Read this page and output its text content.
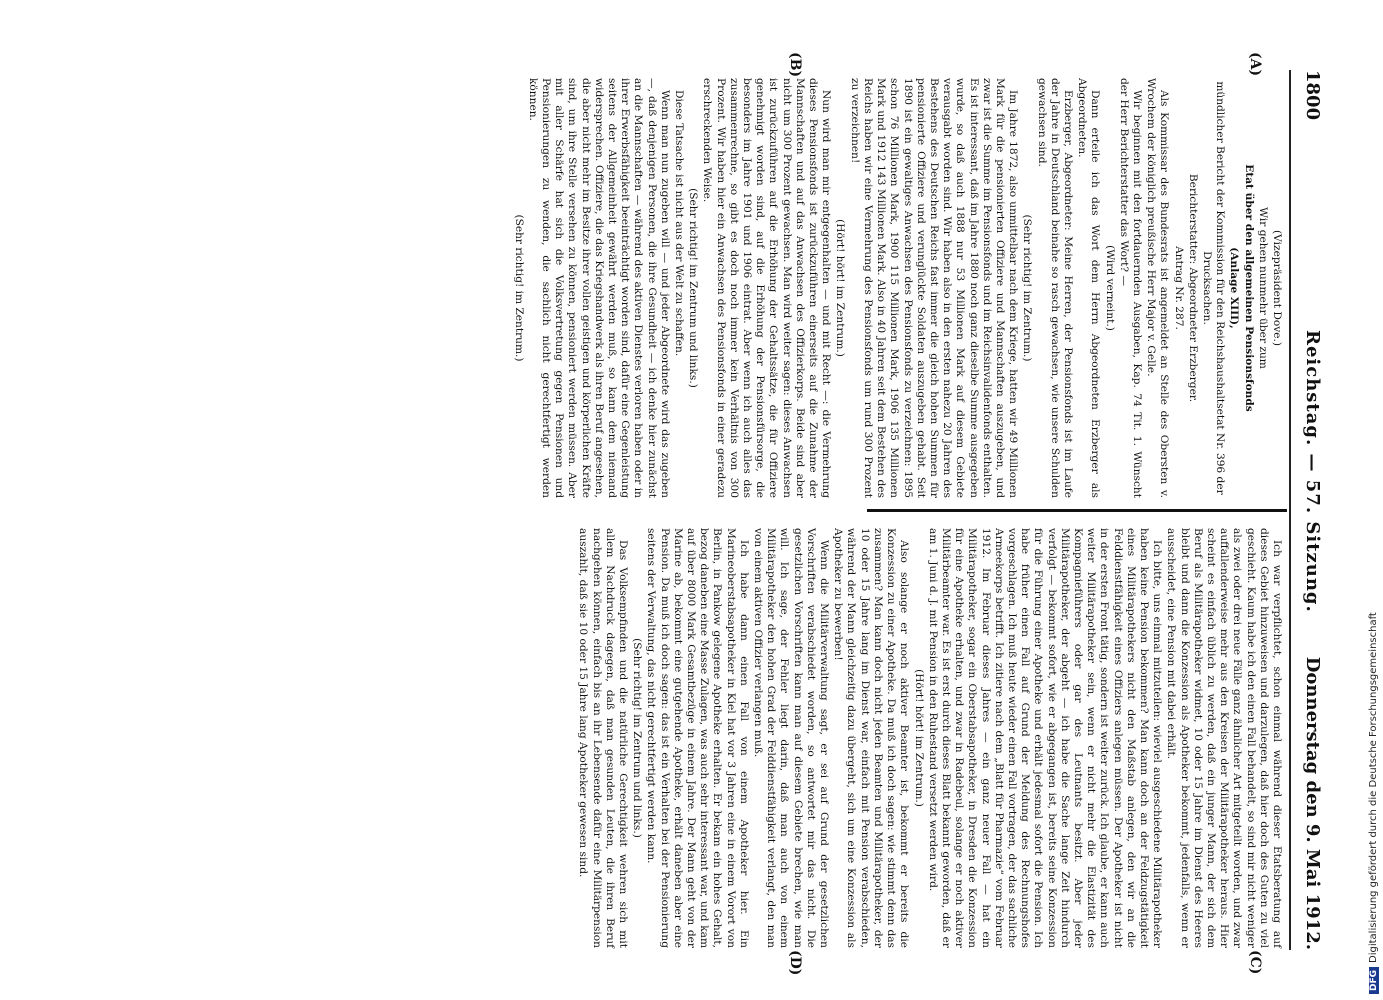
1800
Reichstag. — 57. Sitzung.
Donnerstag den 9. Mai 1912.
(A)
(B)
(C)
(D)

(Vizepräsident Dove.)

Wir gehen nunmehr über zum

Etat über den allgemeinen Pensionsfonds

(Anlage XIII),

mündlicher Bericht der Kommission für den Reichshaushaltsetat Nr. 396 der Drucksachen.

Berichterstatter: Abgeordneter Erzberger.

Antrag Nr. 287.

Als Kommissar des Bundesrats ist angemeldet an Stelle des Obersten v. Wrochem der königlich preußische Herr Major v. Gelle.

Wir beginnen mit den fortdauernden Ausgaben, Kap. 74 Tit. 1. Wünscht der Herr Berichterstatter das Wort? —

(Wird verneint.)

Dann erteile ich das Wort dem Herrn Abgeordneten Erzberger als Abgeordneten.

Erzberger, Abgeordneter: Meine Herren, der Pensionsfonds ist im Laufe der Jahre in Deutschland beinahe so rasch gewachsen, wie unsere Schulden gewachsen sind.

(Sehr richtig! im Zentrum.)

Im Jahre 1872, also unmittelbar nach dem Kriege, hatten wir 49 Millionen Mark für die pensionierten Offiziere und Mannschaften auszugeben, und zwar ist die Summe im Pensionsfonds und im Reichsinvalidenfonds enthalten. Es ist interessant, daß im Jahre 1880 noch ganz dieselbe Summe ausgegeben wurde, so daß auch 1888 nur 53 Millionen Mark auf diesem Gebiete verausgabt worden sind. Wir haben also in den ersten nahezu 20 Jahren des Bestehens des Deutschen Reichs fast immer die gleich hohen Summen für pensionierte Offiziere und verunglückte Soldaten auszugeben gehabt. Seit 1890 ist ein gewaltiges Anwachsen des Pensionsfonds zu verzeichnen: 1895 schon 76 Millionen Mark, 1900 115 Millionen Mark, 1906 135 Millionen Mark und 1912 143 Millionen Mark. Also in 40 Jahren seit dem Bestehen des Reichs haben wir eine Vermehrung des Pensionsfonds um rund 300 Prozent zu verzeichnen!

(Hört! hört! im Zentrum.)

Nun wird man mir entgegenhalten — und mit Recht —: die Vermehrung dieses Pensionsfonds ist zurückzuführen einerseits auf die Zunahme der Mannschaften und auf das Anwachsen des Offizierkorps. Beide sind aber nicht um 300 Prozent gewachsen. Man wird weiter sagen: dieses Anwachsen ist zurückzuführen auf die Erhöhung der Gehaltssätze, die für Offiziere genehmigt worden sind, auf die Erhöhung der Pensionsfürsorge, die besonders im Jahre 1901 und 1906 eintrat. Aber wenn ich auch alles das zusammenrechne, so gibt es doch noch immer kein Verhältnis von 300 Prozent. Wir haben hier ein Anwachsen des Pensionsfonds in einer geradezu erschreckenden Weise.

(Sehr richtig! im Zentrum und links.)

Diese Tatsache ist nicht aus der Welt zu schaffen.

Wenn man nun zugeben will — und jeder Abgeordnete wird das zugeben —, daß denjenigen Personen, die ihre Gesundheit — ich denke hier zunächst an die Mannschaften — während des aktiven Dienstes verloren haben oder in ihrer Erwerbsfähigkeit beeinträchtigt worden sind, dafür eine Gegenleistung seitens der Allgemeinheit gewährt werden muß, so kann dem niemand widersprechen. Offiziere, die das Kriegshandwerk als ihren Beruf angesehen, die aber nicht mehr im Besitze ihrer vollen geistigen und körperlichen Kräfte sind, um ihre Stelle versehen zu können, pensioniert werden müssen. Aber mit aller Schärfe hat sich die Volksvertretung gegen Pensionen und Pensionierungen zu wenden, die sachlich nicht gerechtfertigt werden können.

(Sehr richtig! im Zentrum.)

Ich war verpflichtet, schon einmal während dieser Etatsberatung auf dieses Gebiet hinzuweisen und darzulegen, daß hier doch des Guten zu viel geschieht. Kaum habe ich den einen Fall behandelt, so sind mir nicht weniger als zwei oder drei neue Fälle ganz ähnlicher Art mitgeteilt worden, und zwar auffallenderweise mehr aus den Kreisen der Militärapotheker heraus. Hier scheint es einfach üblich zu werden, daß ein junger Mann, der sich dem Beruf als Militärapotheker widmet, 10 oder 15 Jahre im Dienst des Heeres bleibt und dann die Konzession als Apotheker bekommt, jedenfalls, wenn er ausscheidet, eine Pension mit dabei erhält.

Ich bitte, uns einmal mitzuteilen: wieviel ausgeschiedene Militärapotheker haben keine Pension bekommen? Man kann doch an der Feldzugstätigkeit eines Militärapothekers nicht den Maßstab anlegen, den wir an die Felddienstfähigkeit eines Offiziers anlegen müssen. Der Apotheker ist nicht in der ersten Front tätig, sondern ist weiter zurück. Ich glaube, er kann auch weiter Militärapotheker sein, wenn er nicht mehr die Elastizität des Kompagnieführers oder gar des Leutnants besitzt. Aber jeder Militärapotheker, der abgeht — ich habe die Sache lange Zeit hindurch verfolgt — bekommt sofort, wie er abgegangen ist, bereits seine Konzession für die Führung einer Apotheke und erhält jedesmal sofort die Pension. Ich habe früher einen Fall auf Grund der Meldung des Rechnungshofes vorgeschlagen. Ich muß heute wieder einen Fall vortragen, der das sachliche Armeekorps betrifft. Ich zitiere nach dem „Blatt für Pharmazie“ vom Februar 1912. Im Februar dieses Jahres — ein ganz neuer Fall — hat ein Militärapotheker, sogar ein Oberstabsapotheker, in Dresden die Konzession für eine Apotheke erhalten, und zwar in Radebeul, solange er noch aktiver Militärbeamter war. Es ist erst durch dieses Blatt bekannt geworden, daß er am 1. Juni d. J. mit Pension in den Ruhestand versetzt werden wird.

(Hört! hört! im Zentrum.)

Also solange er noch aktiver Beamter ist, bekommt er bereits die Konzession zu einer Apotheke. Da muß ich doch sagen: wie stimmt denn das zusammen? Man kann doch nicht jeden Beamten und Militärapotheker, der 10 oder 15 Jahre lang im Dienst war, einfach mit Pension verabschieden, während der Mann gleichzeitig dazu übergeht, sich um eine Konzession als Apotheker zu bewerben!

Wenn die Militärverwaltung sagt, er sei auf Grund der gesetzlichen Vorschriften verabschiedet worden, so antwortet mir das nicht. Die gesetzlichen Vorschriften kann man auf diesem Gebiete brechen, wie man will. Ich sage, der Fehler liegt darin, daß man auch von einem Militärapotheker den hohen Grad der Felddienstfähigkeit verlangt, den man von einem aktiven Offizier verlangen muß.

Ich habe dann einen Fall von einem Apotheker hier. Ein Marineoberstabsapotheker in Kiel hat vor 3 Jahren eine in einem Vorort von Berlin, in Pankow gelegene Apotheke erhalten. Er bekam ein hohes Gehalt, bezog daneben eine Masse Zulagen, was auch sehr interessant war, und kam auf über 8000 Mark Gesamtbezüge in einem Jahre. Der Mann geht von der Marine ab, bekommt eine gutgehende Apotheke, erhält daneben aber eine Pension. Da muß ich doch sagen: das ist ein Verhalten bei der Pensionierung seitens der Verwaltung, das nicht gerechtfertigt werden kann.

(Sehr richtig! im Zentrum und links.)

Das Volksempfinden und die natürliche Gerechtigkeit wehren sich mit allem Nachdruck dagegen, daß man gesunden Leuten, die ihren Beruf nachgehen können, einfach bis an ihr Lebensende dafür eine Militärpension auszahlt, daß sie 10 oder 15 Jahre lang Apotheker gewesen sind.

DFGDigitalisierung gefördert durch die Deutsche Forschungsgemeinschaft
